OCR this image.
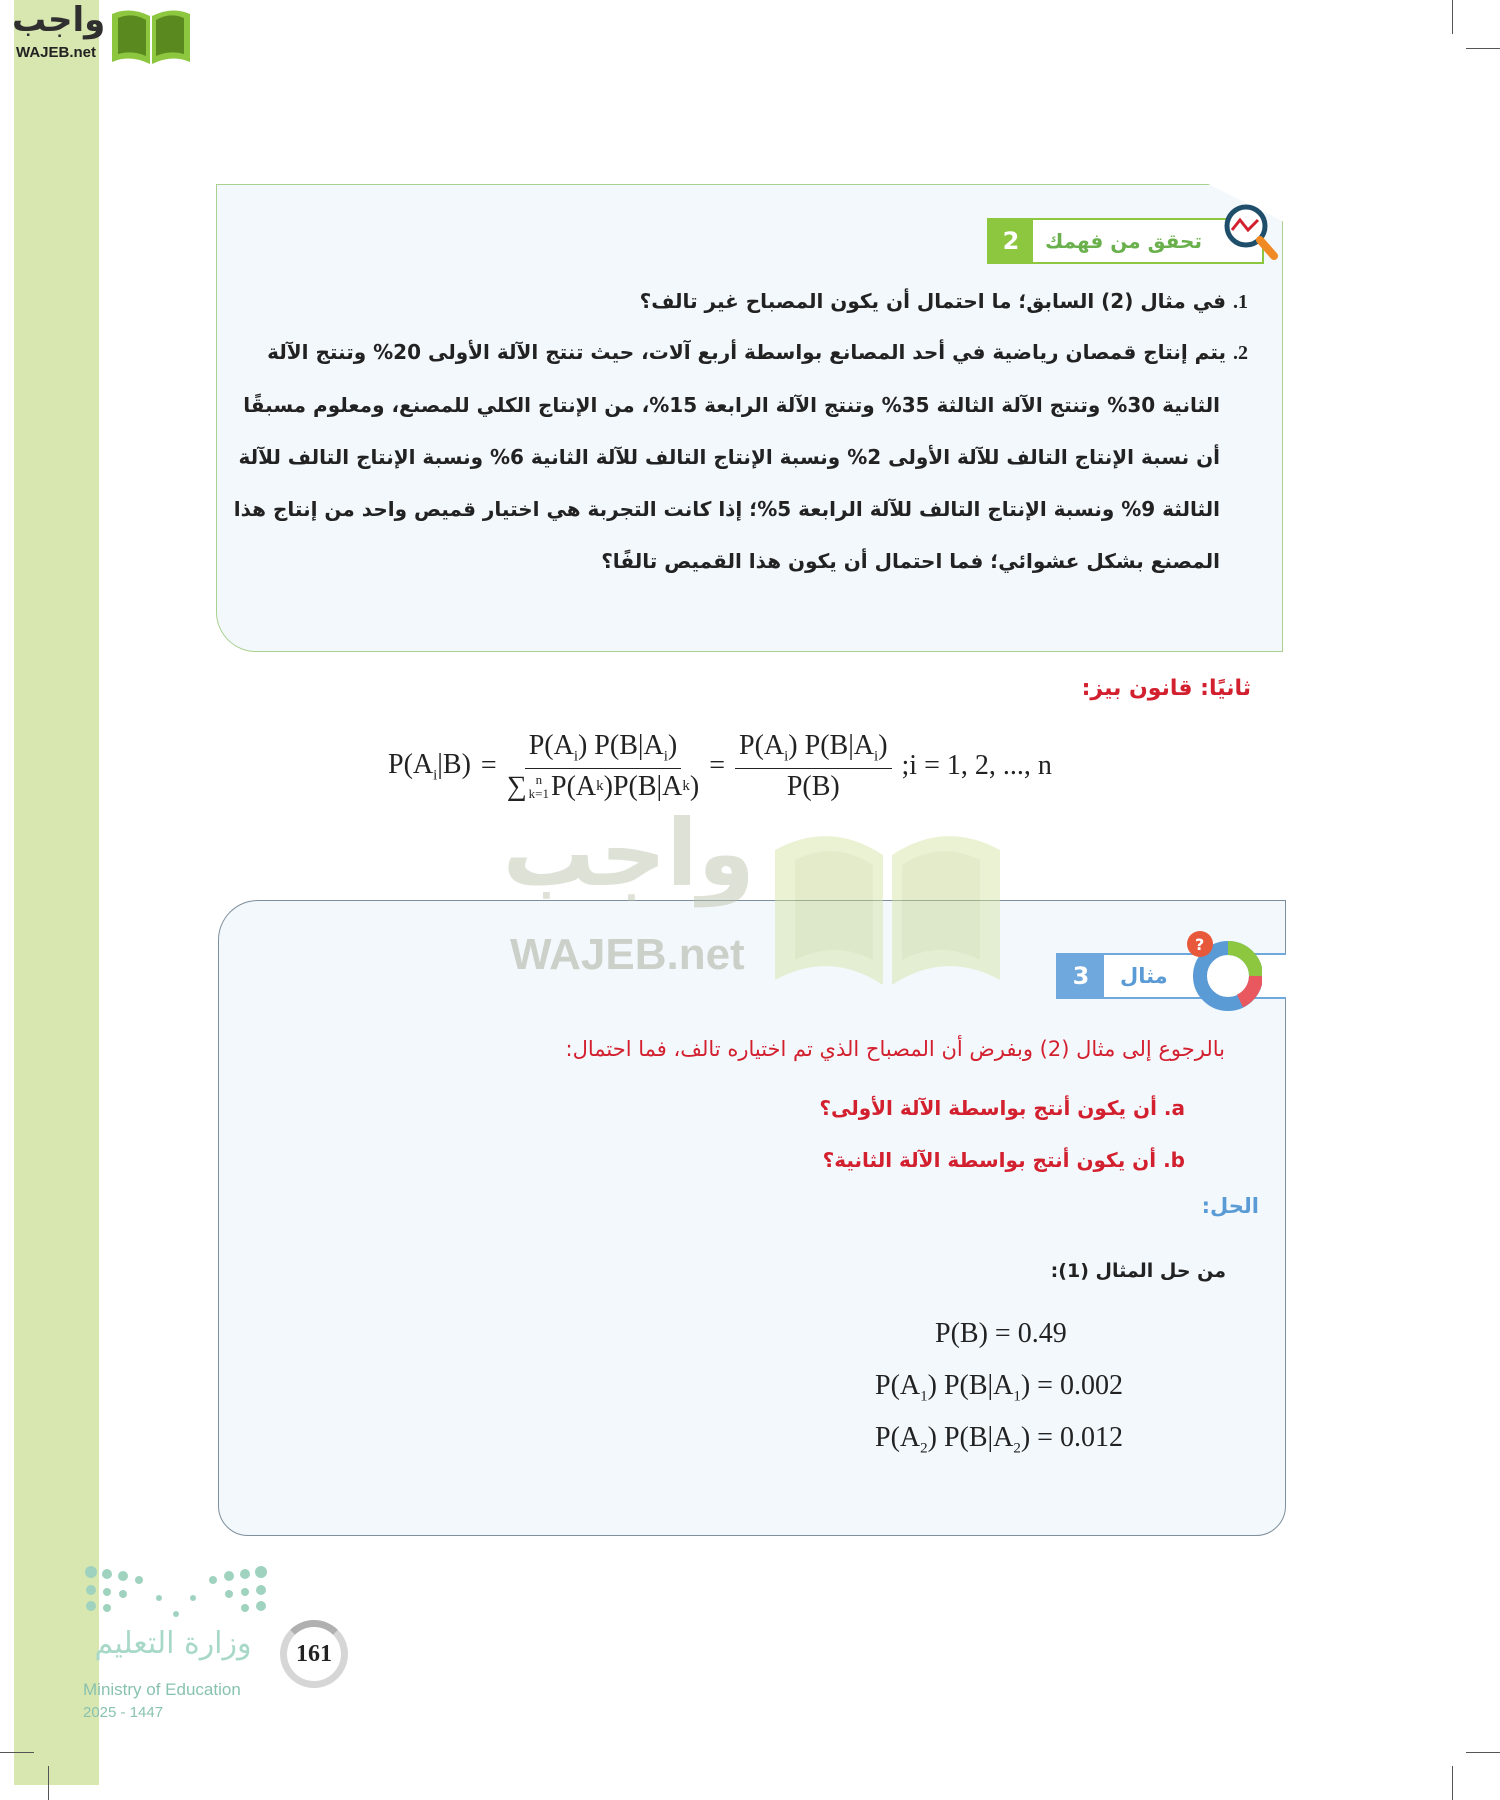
واجب
WAJEB.net
2	تحقق من فهمك
1. في مثال (2) السابق؛ ما احتمال أن يكون المصباح غير تالف؟
2. يتم إنتاج قمصان رياضية في أحد المصانع بواسطة أربع آلات، حيث تنتج الآلة الأولى 20% وتنتج الآلة
الثانية 30% وتنتج الآلة الثالثة 35% وتنتج الآلة الرابعة 15%، من الإنتاج الكلي للمصنع، ومعلوم مسبقًا
أن نسبة الإنتاج التالف للآلة الأولى 2% ونسبة الإنتاج التالف للآلة الثانية 6% ونسبة الإنتاج التالف للآلة
الثالثة 9% ونسبة الإنتاج التالف للآلة الرابعة 5%؛ إذا كانت التجربة هي اختيار قميص واحد من إنتاج هذا
المصنع بشكل عشوائي؛ فما احتمال أن يكون هذا القميص تالفًا؟
ثانيًا: قانون بيز:
$P(A_i|B) = P(A_i)$ $P(B|A_i)$
∑ n
k=1 P(A k )P(B|A k ) = $\frac{P(A_i) P(B|A_i)}{P(B)}$ ;i = 1, 2, ..., n
واجب
WAJEB.net	3	مثال
?
بالرجوع إلى مثال (2) وبفرض أن المصباح الذي تم اختياره تالف، فما احتمال:
a. أن يكون أنتج بواسطة الآلة الأولى؟
b. أن يكون أنتج بواسطة الآلة الثانية؟
الحل:
من حل المثال (1):
P(B) = 0.49
$P(A_1) P(B|A_1) = 0.002$
$P(A_2) P(B|A_2) = 0.012$
وزارة التعليم
Ministry of Education
2025 - 1447
161
